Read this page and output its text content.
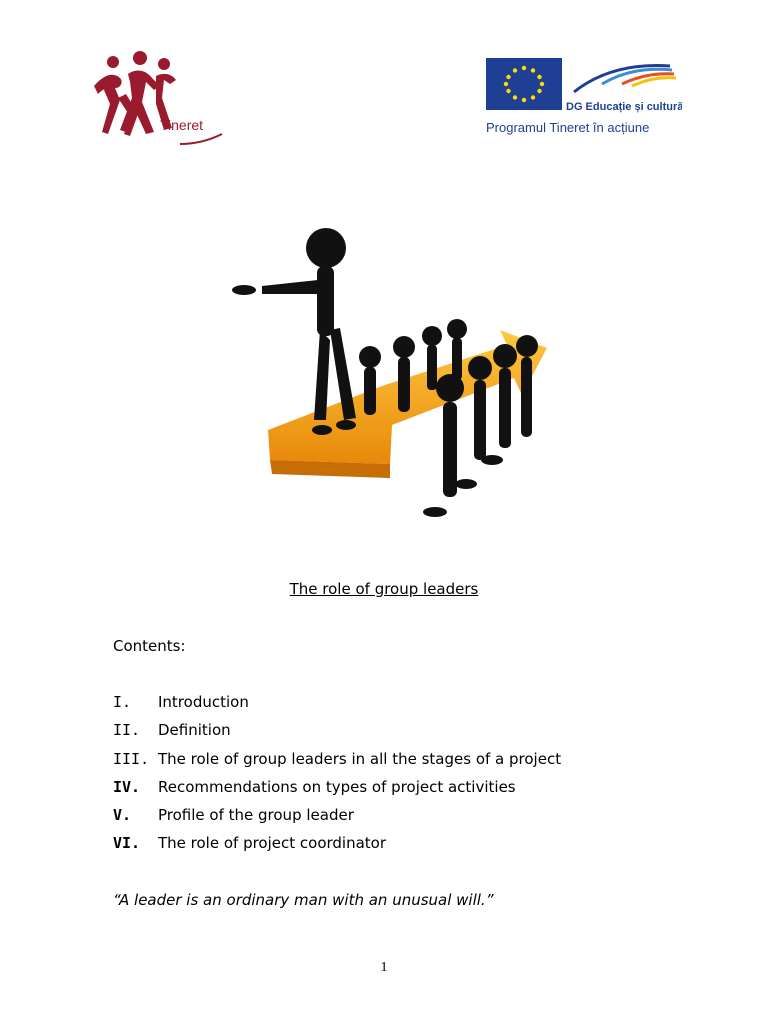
Tineret
DG Educație și cultură
Programul Tineret în acțiune
The role of group leaders
Contents:
I. Introduction
II. Definition
III. The role of group leaders in all the stages of a project
IV. Recommendations on types of project activities
V. Profile of the group leader
VI. The role of project coordinator
“A leader is an ordinary man with an unusual will.”
1
